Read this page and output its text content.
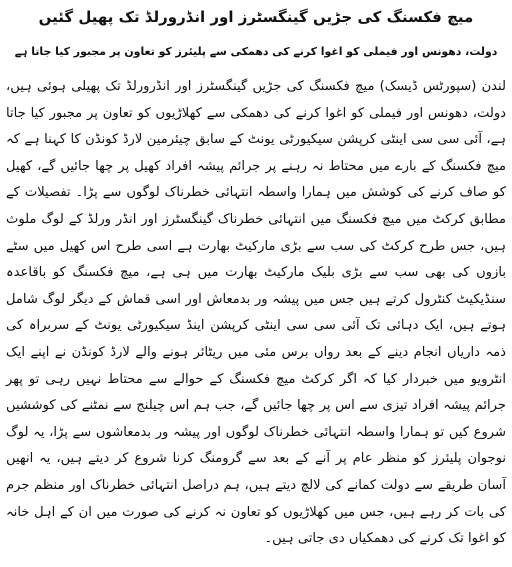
میچ فکسنگ کی جڑیں گینگسٹرز اور انڈرورلڈ تک پھیل گئیں
دولت، دھونس اور فیملی کو اغوا کرنے کی دھمکی سے پلیئرز کو تعاون پر مجبور کیا جاتا ہے

لندن (سپورٹس ڈیسک) میچ فکسنگ کی جڑیں گینگسٹرز اور انڈرورلڈ تک پھیلی ہوئی ہیں، دولت، دھونس اور فیملی کو اغوا کرنے کی دھمکی سے کھلاڑیوں کو تعاون پر مجبور کیا جاتا ہے، آئی سی سی اینٹی کرپشن سیکیورٹی یونٹ کے سابق چیئرمین لارڈ کونڈن کا کہنا ہے کہ میچ فکسنگ کے بارے میں محتاط نہ رہنے پر جرائم پیشہ افراد کھیل پر چھا جائیں گے، کھیل کو صاف کرنے کی کوشش میں ہمارا واسطہ انتہائی خطرناک لوگوں سے پڑا۔ تفصیلات کے مطابق کرکٹ میں میچ فکسنگ میں انتہائی خطرناک گینگسٹرز اور انڈر ورلڈ کے لوگ ملوث ہیں، جس طرح کرکٹ کی سب سے بڑی مارکیٹ بھارت ہے اسی طرح اس کھیل میں سٹے بازوں کی بھی سب سے بڑی بلیک مارکیٹ بھارت میں ہی ہے، میچ فکسنگ کو باقاعدہ سنڈیکیٹ کنٹرول کرتے ہیں جس میں پیشہ ور بدمعاش اور اسی قماش کے دیگر لوگ شامل ہوتے ہیں، ایک دہائی تک آئی سی سی اینٹی کرپشن اینڈ سیکیورٹی یونٹ کے سربراہ کی ذمہ داریاں انجام دینے کے بعد رواں برس مئی میں ریٹائر ہونے والے لارڈ کونڈن نے اپنے ایک انٹرویو میں خبردار کیا کہ اگر کرکٹ میچ فکسنگ کے حوالے سے محتاط نہیں رہی تو پھر جرائم پیشہ افراد تیزی سے اس پر چھا جائیں گے، جب ہم اس چیلنج سے نمٹنے کی کوششیں شروع کیں تو ہمارا واسطہ انتہائی خطرناک لوگوں اور پیشہ ور بدمعاشوں سے پڑا، یہ لوگ نوجوان پلیئرز کو منظر عام پر آنے کے بعد سے گرومنگ کرنا شروع کر دیتے ہیں، یہ انھیں آسان طریقے سے دولت کمانے کی لالچ دیتے ہیں، ہم دراصل انتہائی خطرناک اور منظم جرم کی بات کر رہے ہیں، جس میں کھلاڑیوں کو تعاون نہ کرنے کی صورت میں ان کے اہل خانہ کو اغوا تک کرنے کی دھمکیاں دی جاتی ہیں۔
